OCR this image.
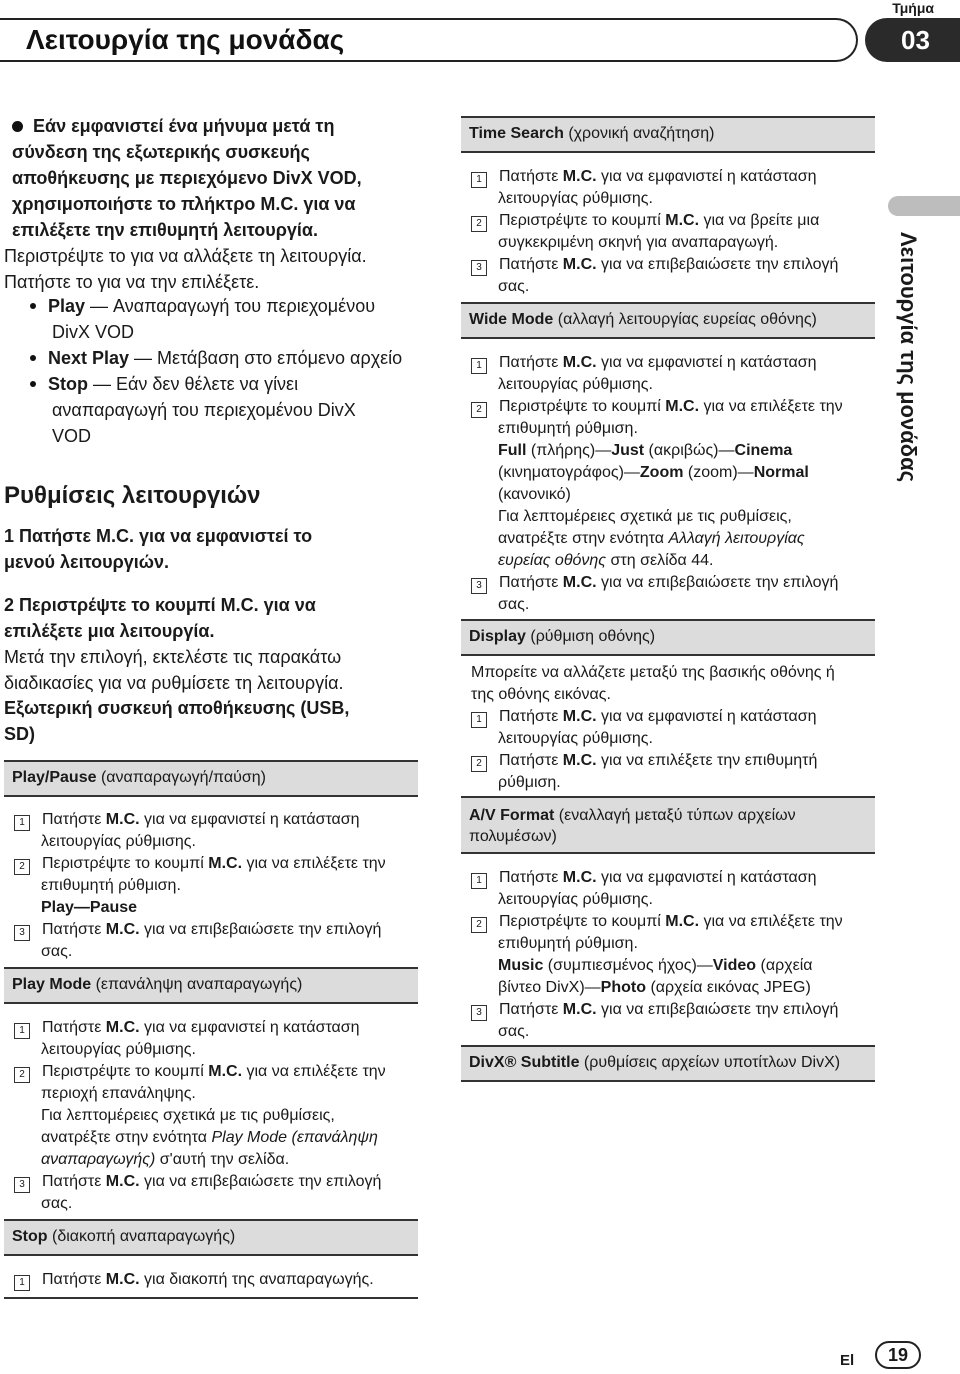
Λειτουργία της μονάδας
Τμήμα
03
Λειτουργία της μονάδας
Εάν εμφανιστεί ένα μήνυμα μετά τη
σύνδεση της εξωτερικής συσκευής
αποθήκευσης με περιεχόμενο DivX VOD,
χρησιμοποιήστε το πλήκτρο M.C. για να
επιλέξετε την επιθυμητή λειτουργία.
Περιστρέψτε το για να αλλάξετε τη λειτουργία.
Πατήστε το για να την επιλέξετε.
Play — Αναπαραγωγή του περιεχομένου
DivX VOD
Next Play — Μετάβαση στο επόμενο αρχείο
Stop — Εάν δεν θέλετε να γίνει
αναπαραγωγή του περιεχομένου DivX
VOD
Ρυθμίσεις λειτουργιών
1 Πατήστε M.C. για να εμφανιστεί το
μενού λειτουργιών.
2 Περιστρέψτε το κουμπί M.C. για να
επιλέξετε μια λειτουργία.
Μετά την επιλογή, εκτελέστε τις παρακάτω
διαδικασίες για να ρυθμίσετε τη λειτουργία.
Εξωτερική συσκευή αποθήκευσης (USB,
SD)
Play/Pause (αναπαραγωγή/παύση)
1 Πατήστε M.C. για να εμφανιστεί η κατάσταση
λειτουργίας ρύθμισης.
2 Περιστρέψτε το κουμπί M.C. για να επιλέξετε την
επιθυμητή ρύθμιση.
Play—Pause
3 Πατήστε M.C. για να επιβεβαιώσετε την επιλογή
σας.
Play Mode (επανάληψη αναπαραγωγής)
1 Πατήστε M.C. για να εμφανιστεί η κατάσταση
λειτουργίας ρύθμισης.
2 Περιστρέψτε το κουμπί M.C. για να επιλέξετε την
περιοχή επανάληψης.
Για λεπτομέρειες σχετικά με τις ρυθμίσεις,
ανατρέξτε στην ενότητα Play Mode (επανάληψη
αναπαραγωγής) σ'αυτή την σελίδα.
3 Πατήστε M.C. για να επιβεβαιώσετε την επιλογή
σας.
Stop (διακοπή αναπαραγωγής)
1 Πατήστε M.C. για διακοπή της αναπαραγωγής.
Time Search (χρονική αναζήτηση)
1 Πατήστε M.C. για να εμφανιστεί η κατάσταση
λειτουργίας ρύθμισης.
2 Περιστρέψτε το κουμπί M.C. για να βρείτε μια
συγκεκριμένη σκηνή για αναπαραγωγή.
3 Πατήστε M.C. για να επιβεβαιώσετε την επιλογή
σας.
Wide Mode (αλλαγή λειτουργίας ευρείας οθόνης)
1 Πατήστε M.C. για να εμφανιστεί η κατάσταση
λειτουργίας ρύθμισης.
2 Περιστρέψτε το κουμπί M.C. για να επιλέξετε την
επιθυμητή ρύθμιση.
Full (πλήρης)—Just (ακριβώς)—Cinema
(κινηματογράφος)—Zoom (zoom)—Normal
(κανονικό)
Για λεπτομέρειες σχετικά με τις ρυθμίσεις,
ανατρέξτε στην ενότητα Αλλαγή λειτουργίας
ευρείας οθόνης στη σελίδα 44.
3 Πατήστε M.C. για να επιβεβαιώσετε την επιλογή
σας.
Display (ρύθμιση οθόνης)
Μπορείτε να αλλάζετε μεταξύ της βασικής οθόνης ή
της οθόνης εικόνας.
1 Πατήστε M.C. για να εμφανιστεί η κατάσταση
λειτουργίας ρύθμισης.
2 Πατήστε M.C. για να επιλέξετε την επιθυμητή
ρύθμιση.
A/V Format (εναλλαγή μεταξύ τύπων αρχείων
πολυμέσων)
1 Πατήστε M.C. για να εμφανιστεί η κατάσταση
λειτουργίας ρύθμισης.
2 Περιστρέψτε το κουμπί M.C. για να επιλέξετε την
επιθυμητή ρύθμιση.
Music (συμπιεσμένος ήχος)—Video (αρχεία
βίντεο DivX)—Photo (αρχεία εικόνας JPEG)
3 Πατήστε M.C. για να επιβεβαιώσετε την επιλογή
σας.
DivX® Subtitle (ρυθμίσεις αρχείων υποτίτλων DivX)
El	19
